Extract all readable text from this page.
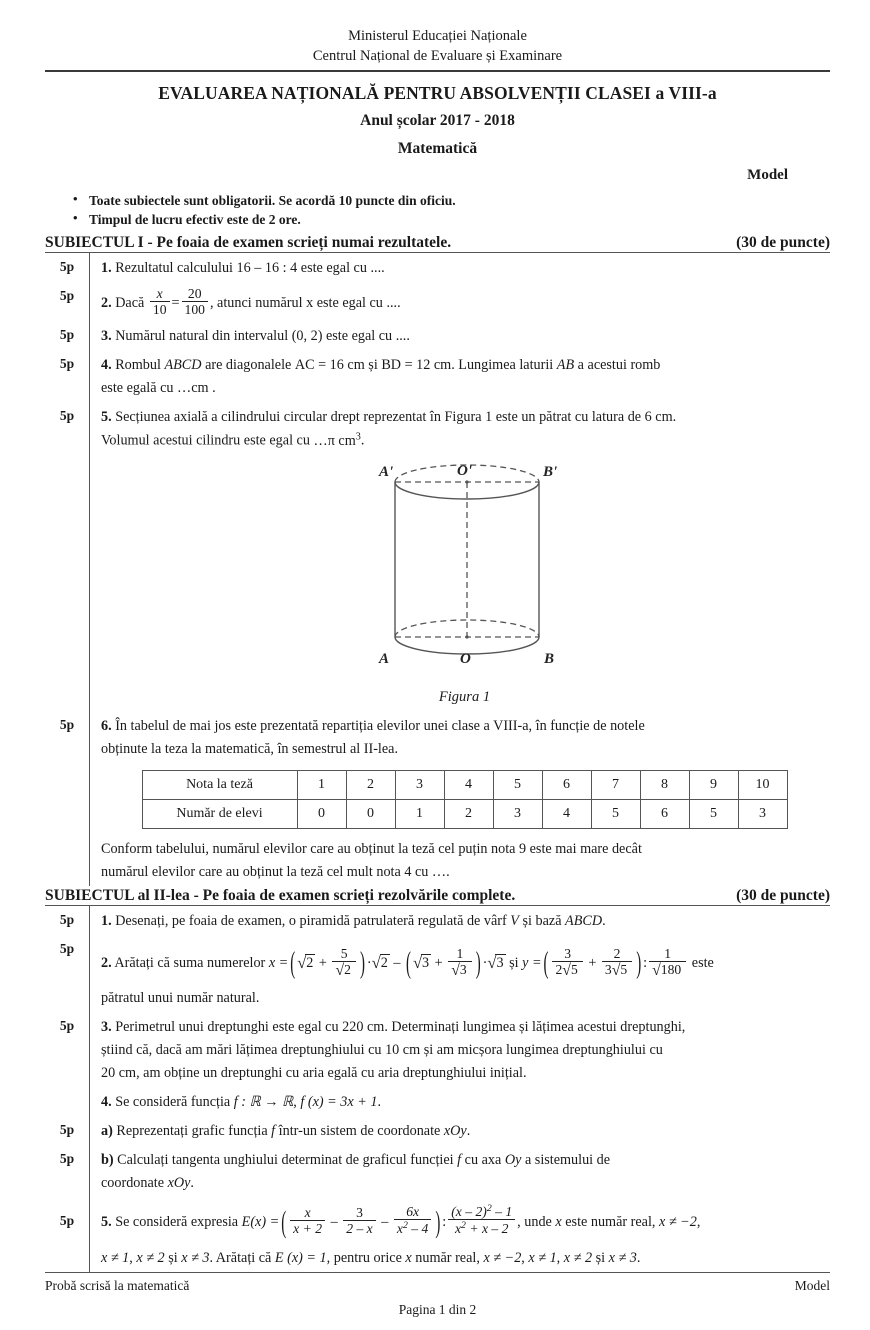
Ministerul Educației Naționale
Centrul Național de Evaluare și Examinare
EVALUAREA NAȚIONALĂ PENTRU ABSOLVENȚII CLASEI a VIII-a
Anul școlar 2017 - 2018
Matematică
Model
• Toate subiectele sunt obligatorii. Se acordă 10 puncte din oficiu.
• Timpul de lucru efectiv este de 2 ore.
SUBIECTUL I - Pe foaia de examen scrieți numai rezultatele.	(30 de puncte)
5p	1. Rezultatul calculului 16 – 16 : 4 este egal cu ....

5p	2. Dacă $\frac{x}{10} = \frac{20}{100}$ , atunci numărul x este egal cu ....

5p	3. Numărul natural din intervalul (0, 2) este egal cu ....

5p	4. Rombul ABCD are diagonalele AC = 16 cm și BD = 12 cm. Lungimea laturii AB a acestui romb

este egală cu …cm .

5p	5. Secțiunea axială a cilindrului circular drept reprezentat în Figura 1 este un pătrat cu latura de 6 cm.

Volumul acestui cilindru este egal cu …π $cm^3$.

A'	O'	B'
A	O	B
Figura 1
5p	6. În tabelul de mai jos este prezentată repartiția elevilor unei clase a VIII-a, în funcție de notele

obținute la teza la matematică, în semestrul al II-lea.

Nota la teză	1	2	3	4	5	6	7	8	9	10
Număr de elevi	0	0	1	2	3	4	5	6	5	3

Conform tabelului, numărul elevilor care au obținut la teză cel puțin nota 9 este mai mare decât

numărul elevilor care au obținut la teză cel mult nota 4 cu ….

SUBIECTUL al II-lea - Pe foaia de examen scrieți rezolvările complete.	(30 de puncte)
5p	1. Desenați, pe foaia de examen, o piramidă patrulateră regulată de vârf V și bază ABCD.

5p

2. Arătați că suma numerelor x = ( $√2 + \frac{5}{√2}$ ) ·√2 – ( $√3 + \frac{1}{√3}$ ) ·√3 și y = ( $\frac{3}{2√5} + \frac{2}{3√5}$ ) : $\frac{1}{√180}$ este

pătratul unui număr natural.

5p	3. Perimetrul unui dreptunghi este egal cu 220 cm. Determinați lungimea și lățimea acestui dreptunghi,

știind că, dacă am mări lățimea dreptunghiului cu 10 cm și am micșora lungimea dreptunghiului cu

20 cm, am obține un dreptunghi cu aria egală cu aria dreptunghiului inițial.

4. Se consideră funcția f : ℝ → ℝ, f (x) = 3x + 1.

5p	a) Reprezentați grafic funcția f într-un sistem de coordonate xOy.

5p	b) Calculați tangenta unghiului determinat de graficul funcției f cu axa Oy a sistemului de

coordonate xOy.

5p	5. Se consideră expresia E(x) = ( $\frac{x}{x + 2} - \frac{3}{2 - x} - \frac{6x}{x^2 - 4}$ ) : $\frac{(x - 2)^2 - 1}{x^2 + x - 2}$ , unde x este număr real, x ≠ −2,

x ≠ 1, x ≠ 2 și x ≠ 3. Arătați că E (x) = 1, pentru orice x număr real, x ≠ −2, x ≠ 1, x ≠ 2 și x ≠ 3.

Probă scrisă la matematică	Model
Pagina 1 din 2
